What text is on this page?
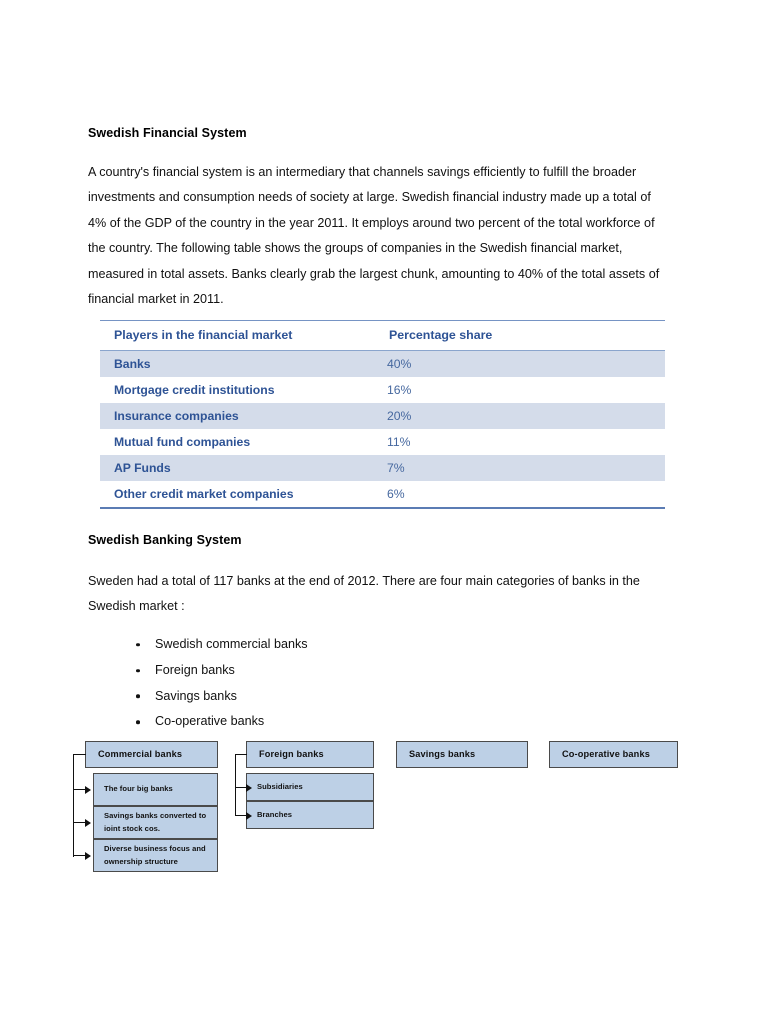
Swedish Financial System
A country's financial system is an intermediary that channels savings efficiently to fulfill the broader investments and consumption needs of society at large. Swedish financial industry made up a total of 4% of the GDP of the country in the year 2011. It employs around two percent of the total workforce of the country. The following table shows the groups of companies in the Swedish financial market, measured in total assets. Banks clearly grab the largest chunk, amounting to 40% of the total assets of financial market in 2011.
Players in the financial market	Percentage share
Banks	40%
Mortgage credit institutions	16%
Insurance companies	20%
Mutual fund companies	11%
AP Funds	7%
Other credit market companies	6%
Swedish Banking System
Sweden had a total of 117 banks at the end of 2012. There are four main categories of banks in the Swedish market :
Swedish commercial banks
Foreign banks
Savings banks
Co-operative banks
Commercial banks
The four big banks
Savings banks converted to ioint stock cos.
Diverse business focus and ownership structure
Foreign banks
Subsidiaries
Branches
Savings banks	Co-operative banks
